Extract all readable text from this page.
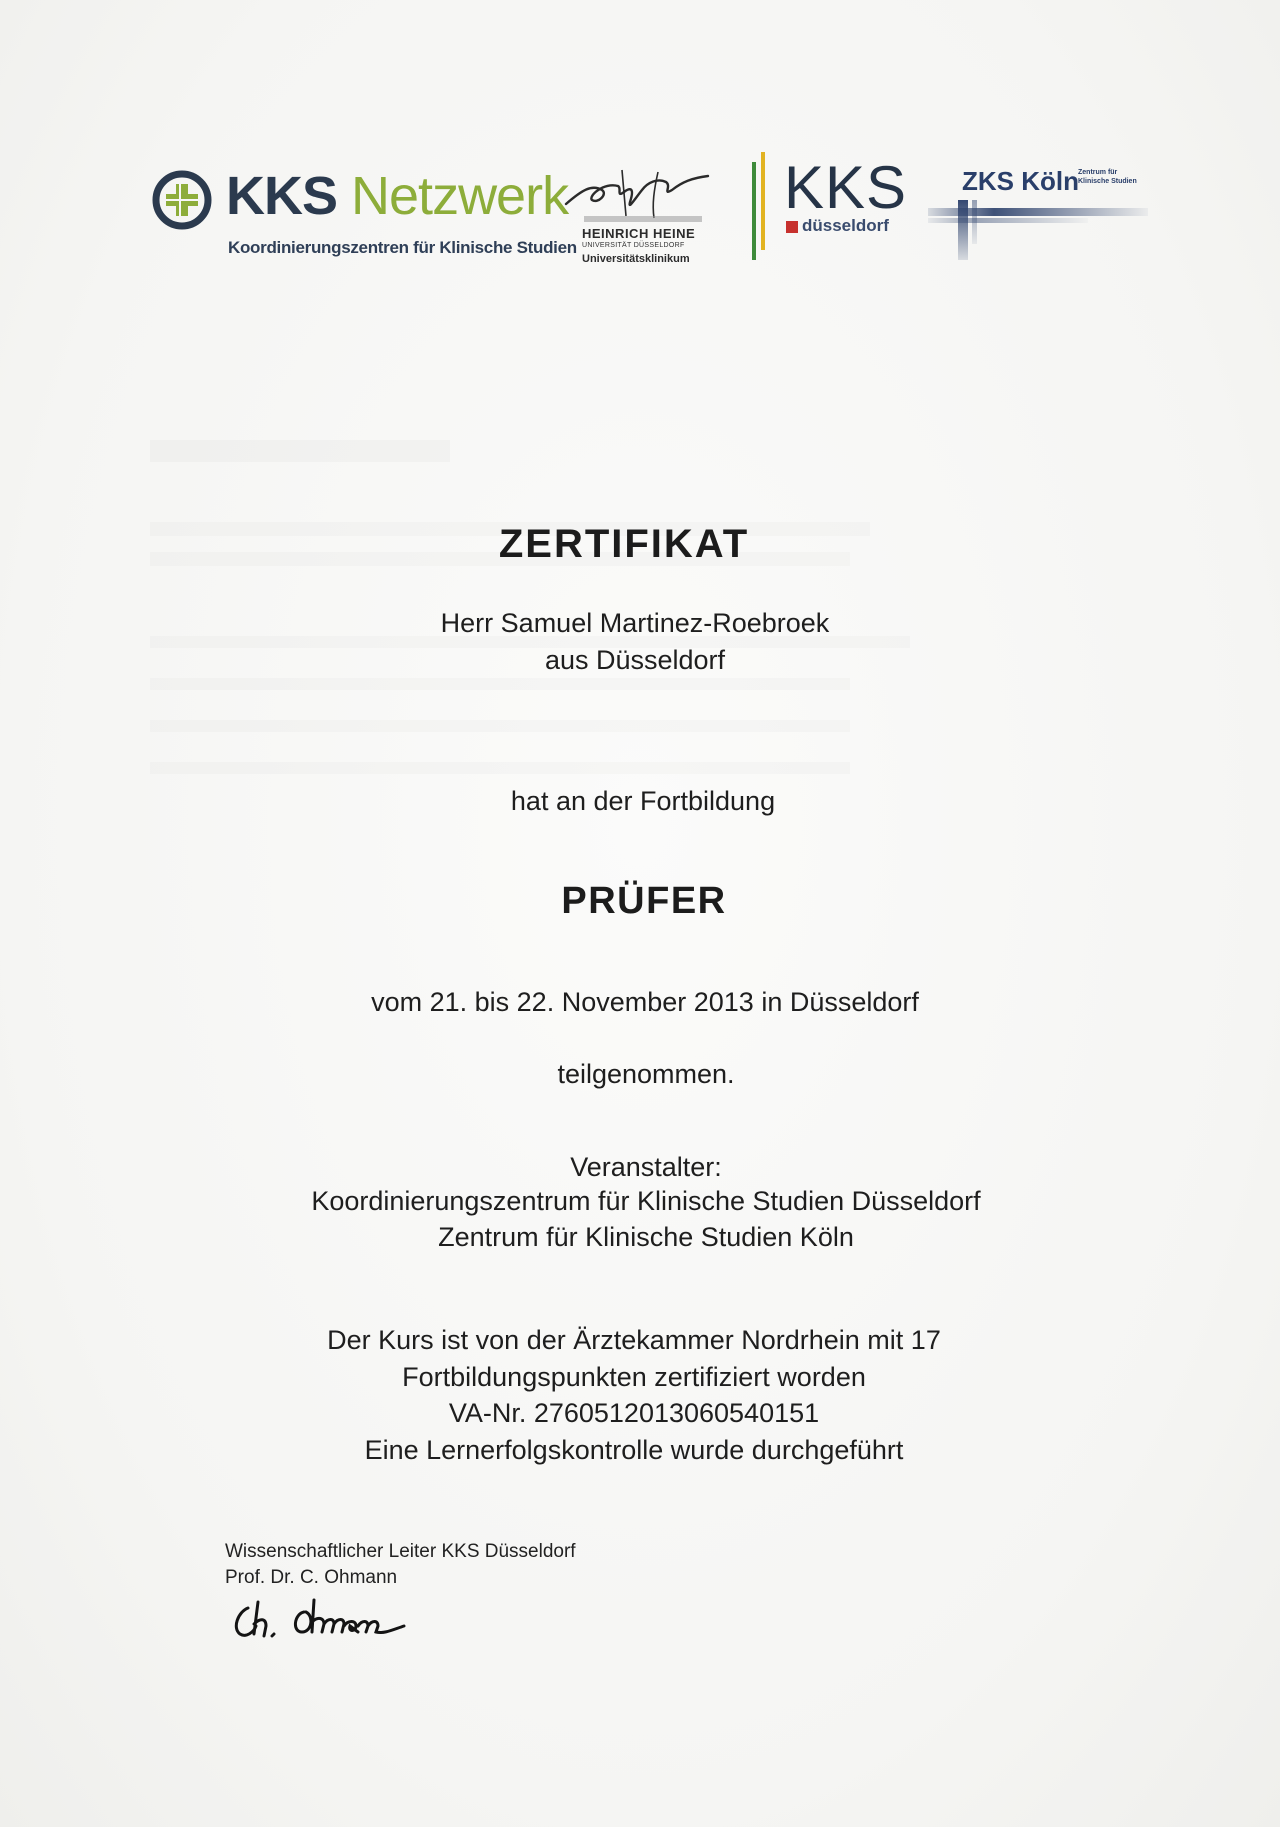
KKS Netzwerk
Koordinierungszentren für Klinische Studien
HEINRICH HEINE
UNIVERSITÄT DÜSSELDORF
Universitätsklinikum
KKS
düsseldorf
ZKS Köln Zentrum für
Klinische Studien
ZERTIFIKAT
Herr Samuel Martinez-Roebroek
aus Düsseldorf
hat an der Fortbildung
PRÜFER
vom 21. bis 22. November 2013 in Düsseldorf
teilgenommen.
Veranstalter:
Koordinierungszentrum für Klinische Studien Düsseldorf
Zentrum für Klinische Studien Köln
Der Kurs ist von der Ärztekammer Nordrhein mit 17
Fortbildungspunkten zertifiziert worden
VA-Nr. 2760512013060540151
Eine Lernerfolgskontrolle wurde durchgeführt
Wissenschaftlicher Leiter KKS Düsseldorf
Prof. Dr. C. Ohmann
